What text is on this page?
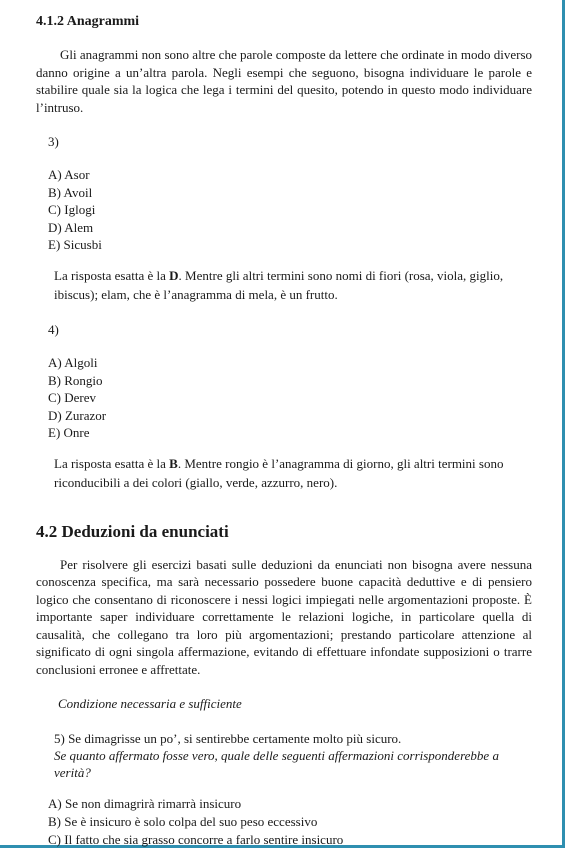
4.1.2 Anagrammi

Gli anagrammi non sono altre che parole composte da lettere che ordinate in modo diverso danno origine a un’altra parola. Negli esempi che seguono, bisogna individuare le parole e stabilire quale sia la logica che lega i termini del quesito, potendo in questo modo individuare l’intruso.

3)
A) Asor
B) Avoil
C) Iglogi
D) Alem
E) Sicusbi

La risposta esatta è la D. Mentre gli altri termini sono nomi di fiori (rosa, viola, giglio, ibiscus); elam, che è l’anagramma di mela, è un frutto.

4)
A) Algoli
B) Rongio
C) Derev
D) Zurazor
E) Onre

La risposta esatta è la B. Mentre rongio è l’anagramma di giorno, gli altri termini sono riconducibili a dei colori (giallo, verde, azzurro, nero).

4.2 Deduzioni da enunciati

Per risolvere gli esercizi basati sulle deduzioni da enunciati non bisogna avere nessuna conoscenza specifica, ma sarà necessario possedere buone capacità deduttive e di pensiero logico che consentano di riconoscere i nessi logici impiegati nelle argomentazioni proposte. È importante saper individuare correttamente le relazioni logiche, in particolare quella di causalità, che collegano tra loro più argomentazioni; prestando particolare attenzione al significato di ogni singola affermazione, evitando di effettuare infondate supposizioni o trarre conclusioni erronee e affrettate.

Condizione necessaria e sufficiente
5) Se dimagrisse un po’, si sentirebbe certamente molto più sicuro.
Se quanto affermato fosse vero, quale delle seguenti affermazioni corrisponderebbe a verità?
A) Se non dimagrirà rimarrà insicuro
B) Se è insicuro è solo colpa del suo peso eccessivo
C) Il fatto che sia grasso concorre a farlo sentire insicuro
